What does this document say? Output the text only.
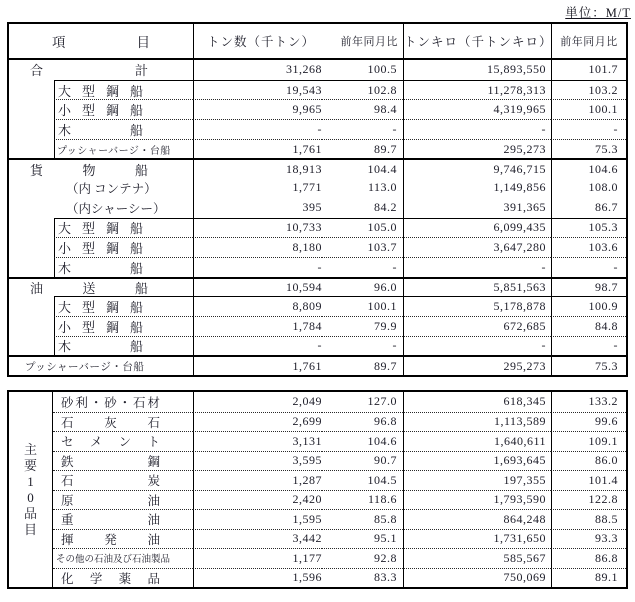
単位：M/T
項	目	トン数（千トン） 前年同月比 トンキロ（千トンキロ） 前年同月比
合	計	31,268	100.5	15,893,550	101.7
大 型 鋼 船	19,543	102.8	11,278,313	103.2
小 型 鋼 船	9,965	98.4	4,319,965	100.1
木	船	-	-	-	-
プッシャーバージ・台船	1,761	89.7	295,273	75.3
貨	物	船	18,913	104.4	9,746,715	104.6
（内 コンテナ）	1,771	113.0	1,149,856	108.0
（内シャーシー）	395	84.2	391,365	86.7
大 型 鋼 船	10,733	105.0	6,099,435	105.3
小 型 鋼 船	8,180	103.7	3,647,280	103.6
木	船	-	-	-	-
油	送	船	10,594	96.0	5,851,563	98.7
大 型 鋼 船	8,809	100.1	5,178,878	100.9
小 型 鋼 船	1,784	79.9	672,685	84.8
木	船	-	-	-	-
プッシャーバージ・台船	1,761	89.7	295,273	75.3
主
要
1
0
品
目
砂 利 ・ 砂 ・ 石 材	2,049	127.0	618,345	133.2
石 灰 石	2,699	96.8	1,113,589	99.6
セ メ ン ト	3,131	104.6	1,640,611	109.1
鉄	鋼	3,595	90.7	1,693,645	86.0
石	炭	1,287	104.5	197,355	101.4
原	油	2,420	118.6	1,793,590	122.8
重	油	1,595	85.8	864,248	88.5
揮 発 油	3,442	95.1	1,731,650	93.3
その他の石油及び石油製品	1,177	92.8	585,567	86.8
化 学 薬 品	1,596	83.3	750,069	89.1
